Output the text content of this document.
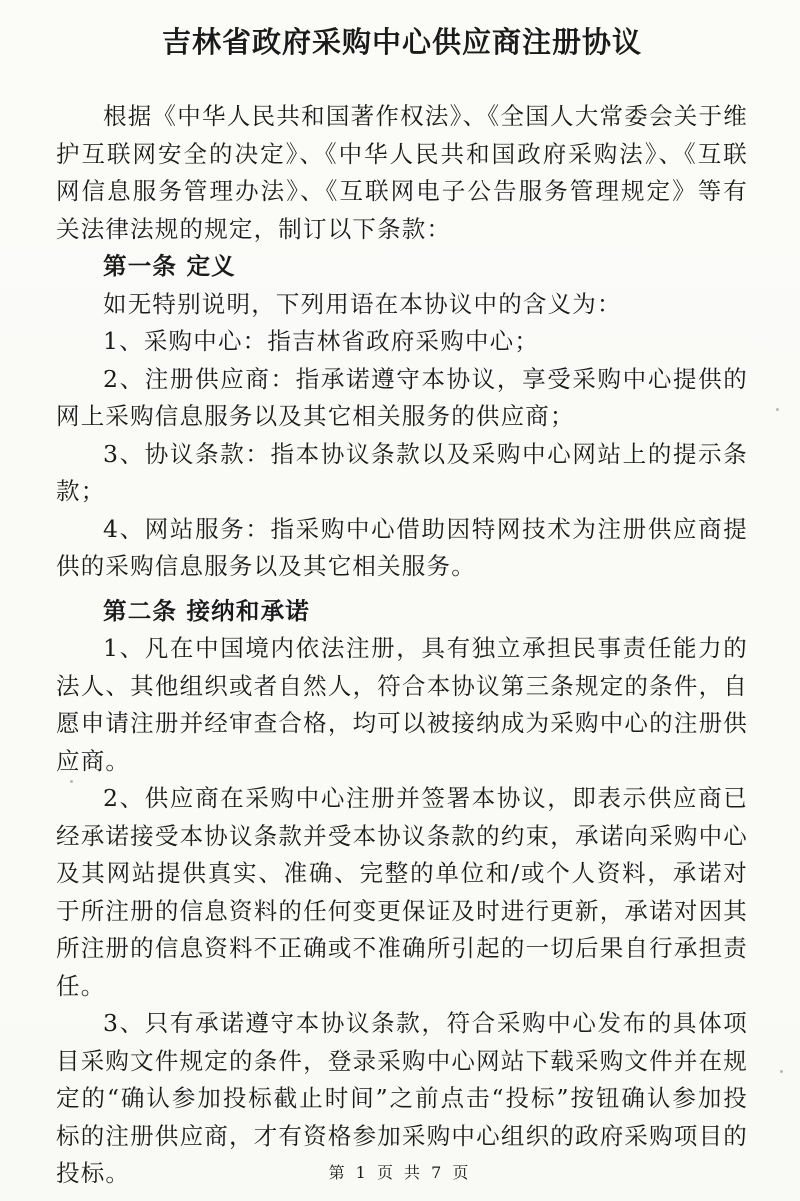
吉林省政府采购中心供应商注册协议

根据《中华人民共和国著作权法》、《全国人大常委会关于维护互联网安全的决定》、《中华人民共和国政府采购法》、《互联网信息服务管理办法》、《互联网电子公告服务管理规定》等有关法律法规的规定，制订以下条款：

第一条 定义

如无特别说明，下列用语在本协议中的含义为：

1、采购中心：指吉林省政府采购中心；

2、注册供应商：指承诺遵守本协议，享受采购中心提供的网上采购信息服务以及其它相关服务的供应商；

3、协议条款：指本协议条款以及采购中心网站上的提示条款；

4、网站服务：指采购中心借助因特网技术为注册供应商提供的采购信息服务以及其它相关服务。

第二条 接纳和承诺

1、凡在中国境内依法注册，具有独立承担民事责任能力的法人、其他组织或者自然人，符合本协议第三条规定的条件，自愿申请注册并经审查合格，均可以被接纳成为采购中心的注册供应商。

2、供应商在采购中心注册并签署本协议，即表示供应商已经承诺接受本协议条款并受本协议条款的约束，承诺向采购中心及其网站提供真实、准确、完整的单位和/或个人资料，承诺对于所注册的信息资料的任何变更保证及时进行更新，承诺对因其所注册的信息资料不正确或不准确所引起的一切后果自行承担责任。

3、只有承诺遵守本协议条款，符合采购中心发布的具体项目采购文件规定的条件，登录采购中心网站下载采购文件并在规定的“确认参加投标截止时间”之前点击“投标”按钮确认参加投标的注册供应商，才有资格参加采购中心组织的政府采购项目的投标。	第 1 页 共 7 页
